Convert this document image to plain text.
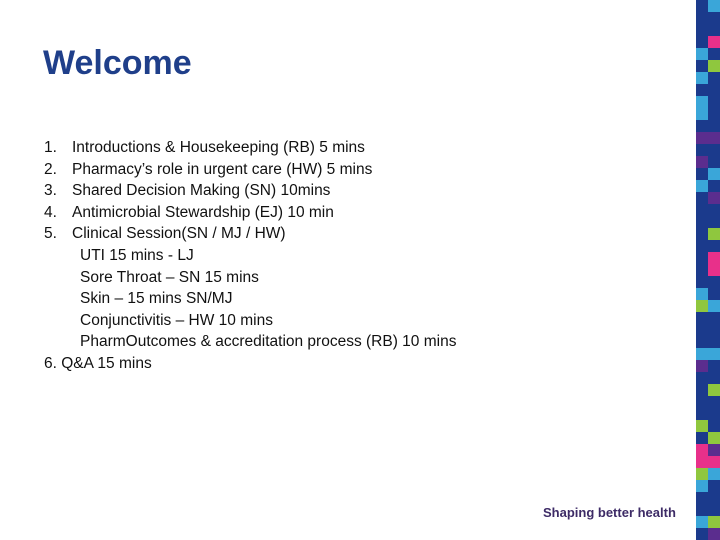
Welcome
1. Introductions & Housekeeping (RB) 5 mins
2. Pharmacy’s role in urgent care (HW) 5 mins
3. Shared Decision Making (SN) 10mins
4. Antimicrobial Stewardship (EJ) 10 min
5. Clinical Session(SN / MJ / HW)
UTI 15 mins - LJ
Sore Throat – SN 15 mins
Skin – 15 mins SN/MJ
Conjunctivitis – HW 10 mins
PharmOutcomes & accreditation process (RB) 10 mins
6. Q&A 15 mins
Shaping better health
